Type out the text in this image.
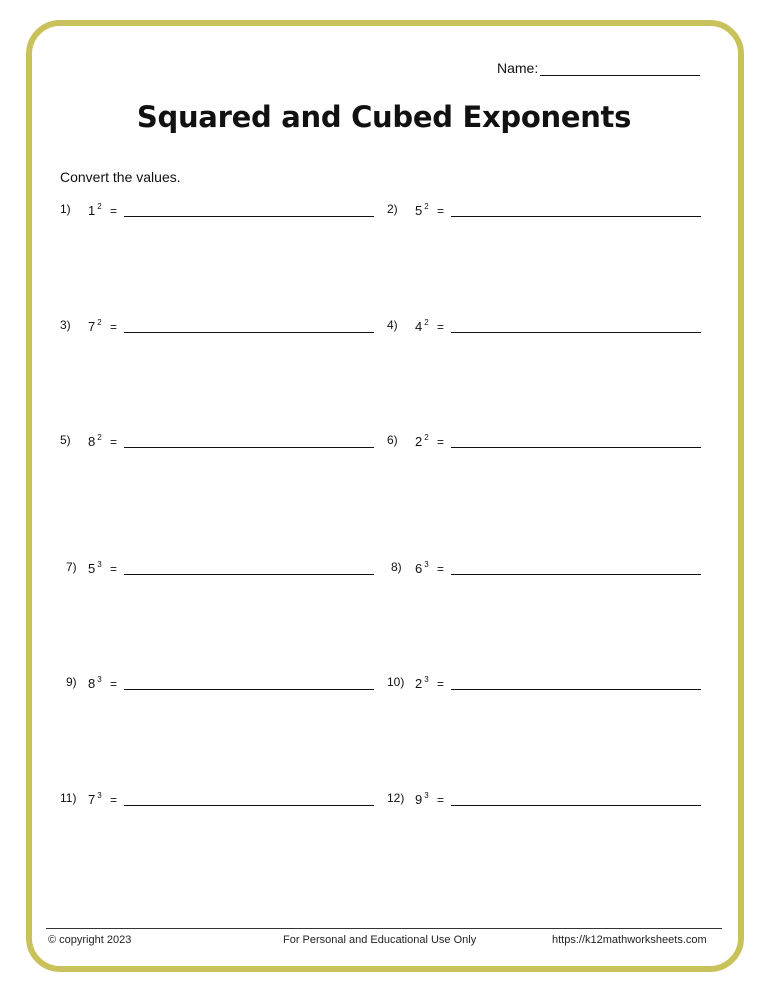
Name:
Squared and Cubed Exponents
Convert the values.
1) 1 $^2$ =	2) 5 $^2$ =
3) 7 $^2$ =	4) 4 $^2$ =
5) 8 $^2$ =	6) 2 $^2$ =
7) 5 $^3$ =	8) 6 $^3$ =
9) 8 $^3$ =	10) 2 $^3$ =
11) 7 $^3$ =	12) 9 $^3$ =
© copyright 2023	For Personal and Educational Use Only	https://k12mathworksheets.com
